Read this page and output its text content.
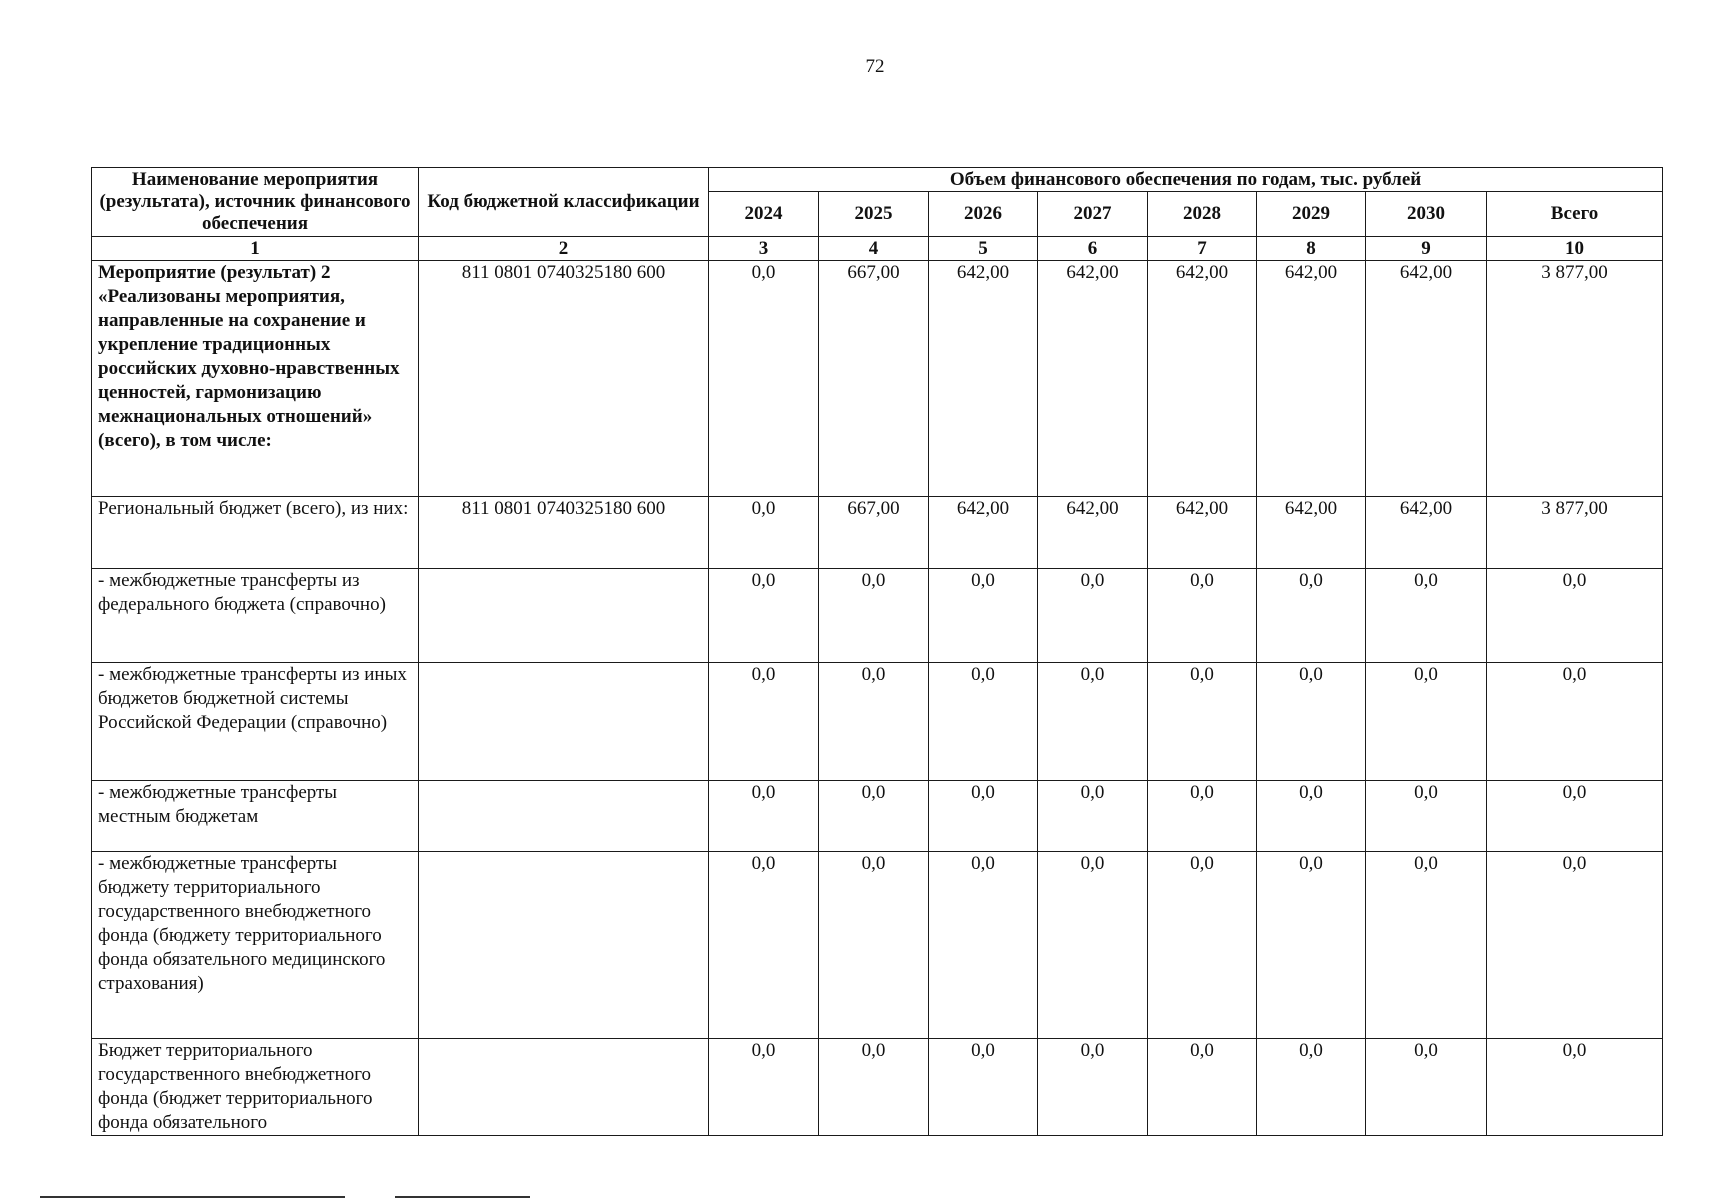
72
Наименование мероприятия (результата), источник финансового обеспечения	Код бюджетной классификации	Объем финансового обеспечения по годам, тыс. рублей							
		2024	2025	2026	2027	2028	2029	2030	Всего
1	2	3	4	5	6	7	8	9	10
Мероприятие (результат) 2 «Реализованы мероприятия, направленные на сохранение и укрепление традиционных российских духовно-нравственных ценностей, гармонизацию межнациональных отношений» (всего), в том числе:	811 0801 0740325180 600	0,0	667,00	642,00	642,00	642,00	642,00	642,00	3 877,00
Региональный бюджет (всего), из них:	811 0801 0740325180 600	0,0	667,00	642,00	642,00	642,00	642,00	642,00	3 877,00
- межбюджетные трансферты из федерального бюджета (справочно)		0,0	0,0	0,0	0,0	0,0	0,0	0,0	0,0
- межбюджетные трансферты из иных бюджетов бюджетной системы Российской Федерации (справочно)		0,0	0,0	0,0	0,0	0,0	0,0	0,0	0,0
- межбюджетные трансферты местным бюджетам		0,0	0,0	0,0	0,0	0,0	0,0	0,0	0,0
- межбюджетные трансферты бюджету территориального государственного внебюджетного фонда (бюджету территориального фонда обязательного медицинского страхования)		0,0	0,0	0,0	0,0	0,0	0,0	0,0	0,0
Бюджет территориального государственного внебюджетного фонда (бюджет территориального фонда обязательного		0,0	0,0	0,0	0,0	0,0	0,0	0,0	0,0
